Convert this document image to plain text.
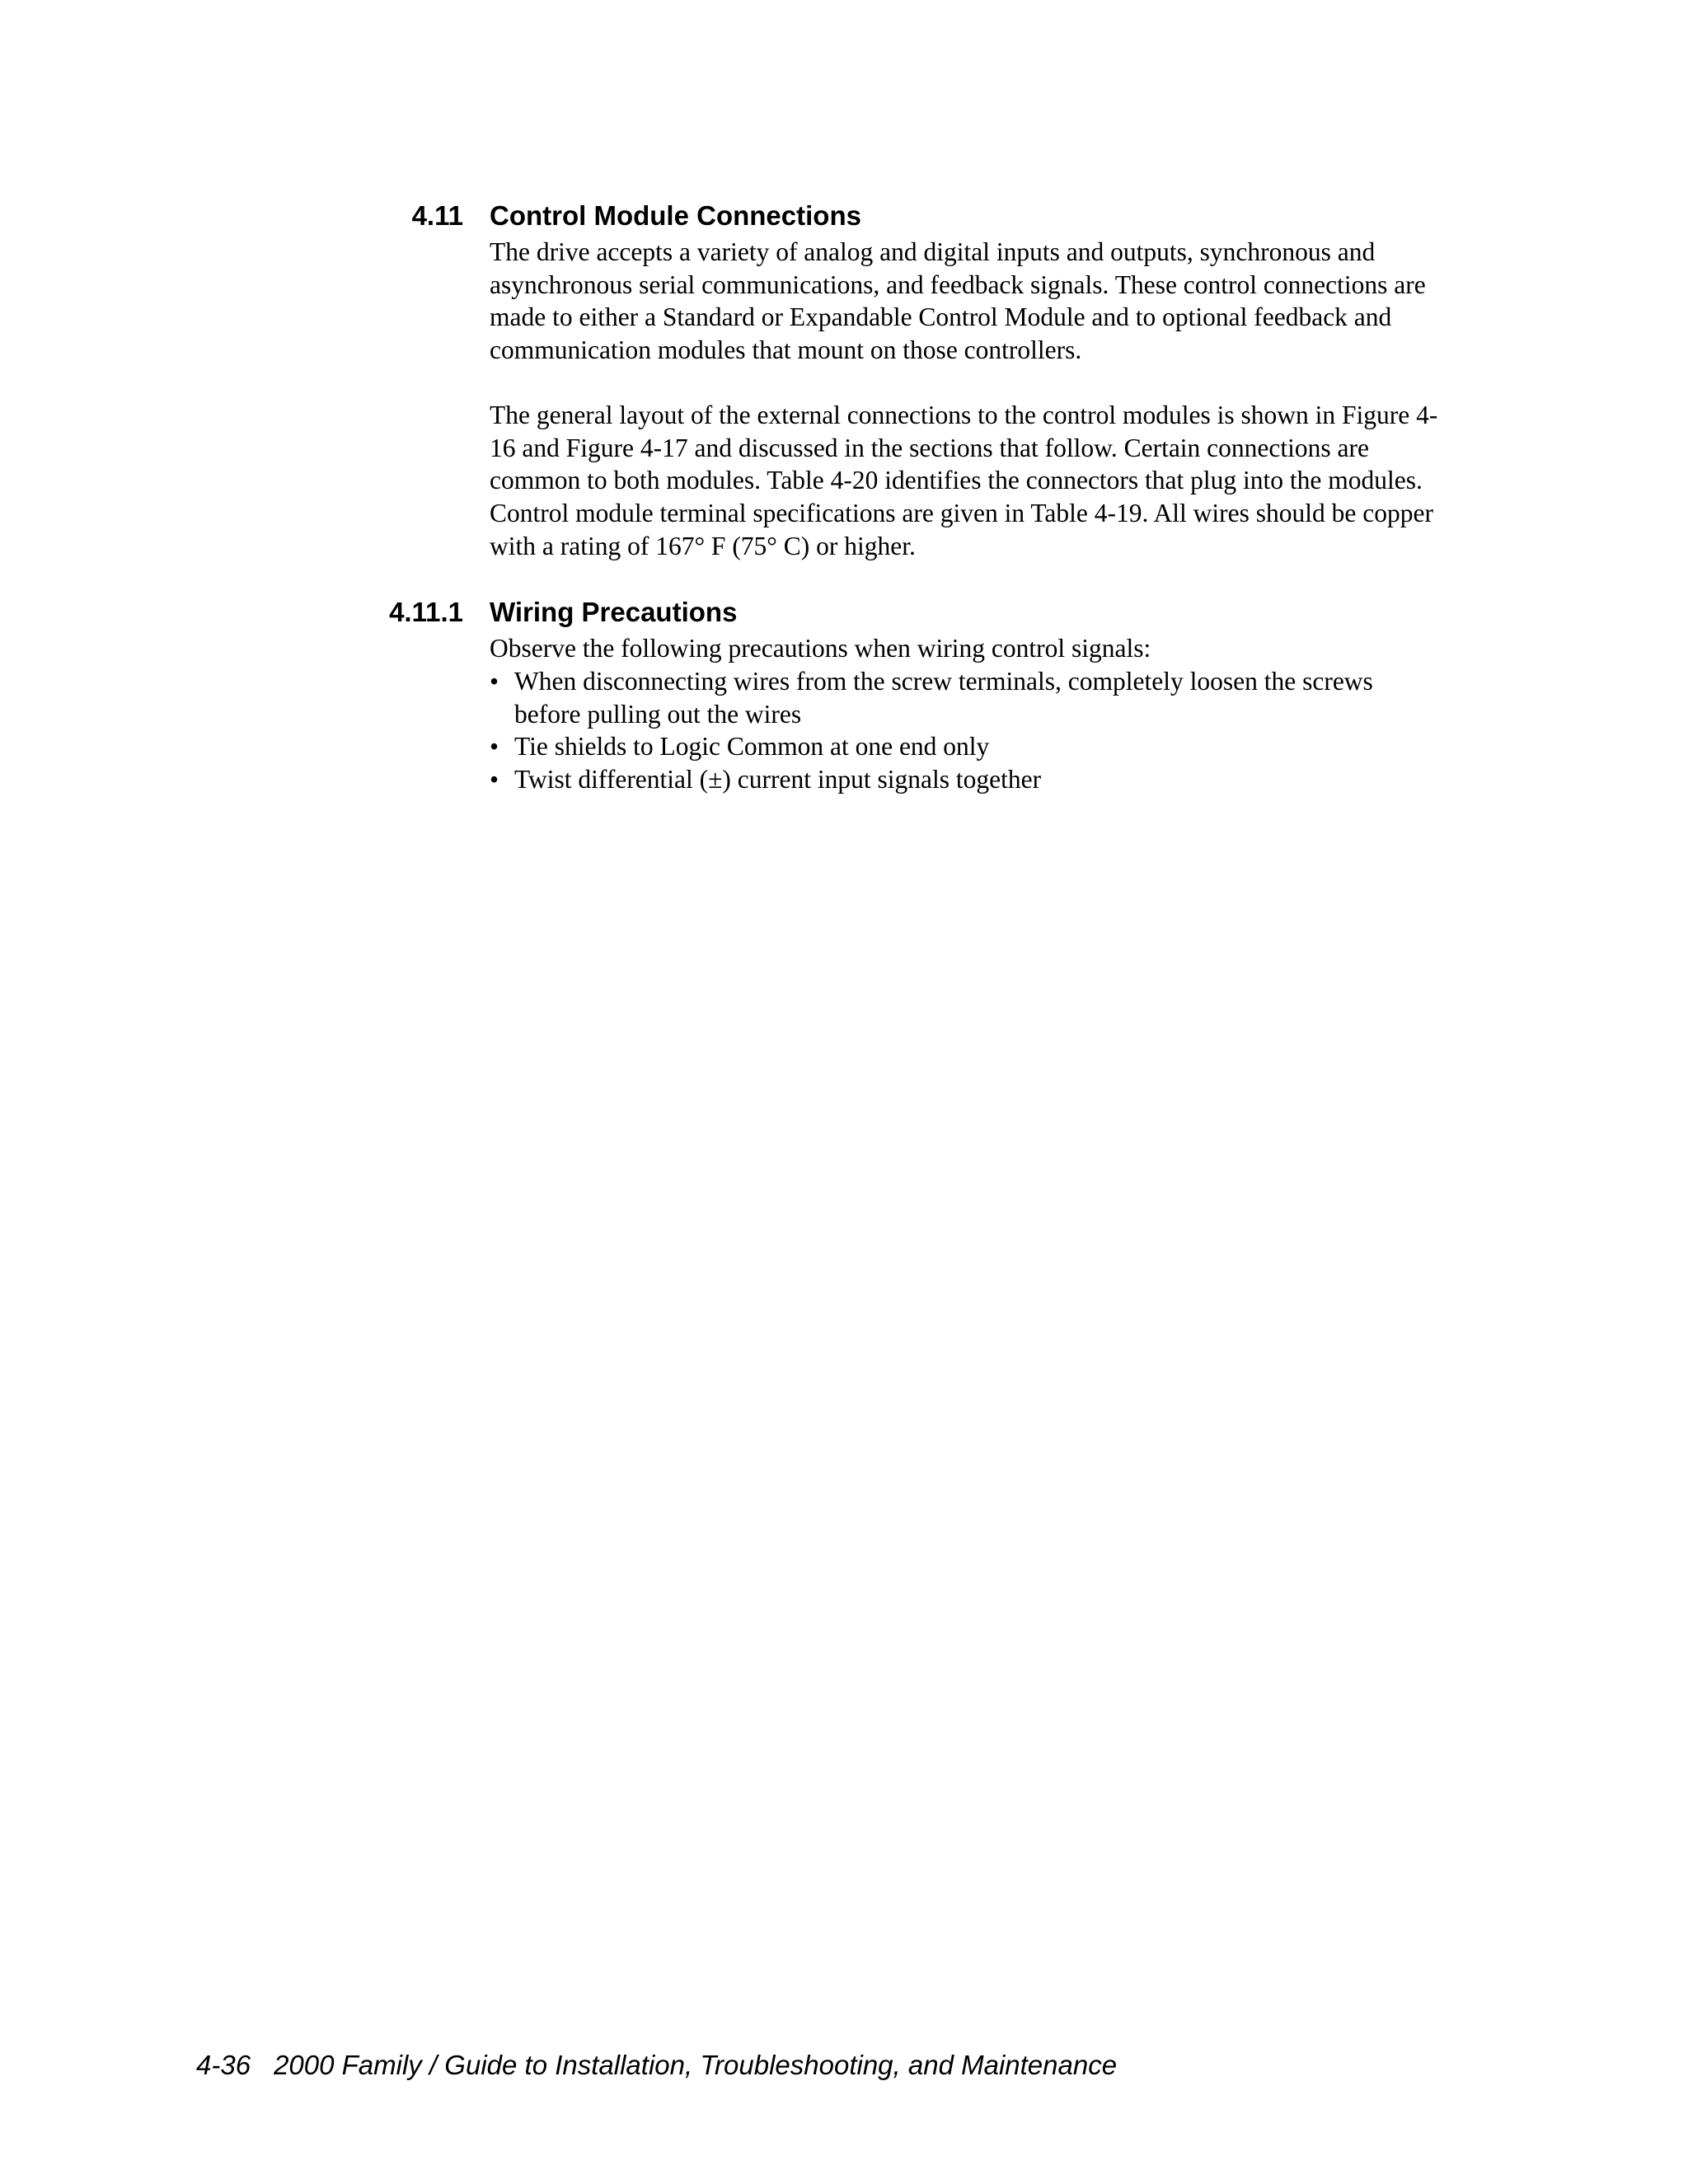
4.11 Control Module Connections

The drive accepts a variety of analog and digital inputs and outputs, synchronous and asynchronous serial communications, and feedback signals. These control connections are made to either a Standard or Expandable Control Module and to optional feedback and communication modules that mount on those controllers.

The general layout of the external connections to the control modules is shown in Figure 4-16 and Figure 4-17 and discussed in the sections that follow. Certain connections are common to both modules. Table 4-20 identifies the connectors that plug into the modules. Control module terminal specifications are given in Table 4-19. All wires should be copper with a rating of 167° F (75° C) or higher.

4.11.1 Wiring Precautions

Observe the following precautions when wiring control signals:

• When disconnecting wires from the screw terminals, completely loosen the screws before pulling out the wires
• Tie shields to Logic Common at one end only
• Twist differential (±) current input signals together
4-36 2000 Family / Guide to Installation, Troubleshooting, and Maintenance
